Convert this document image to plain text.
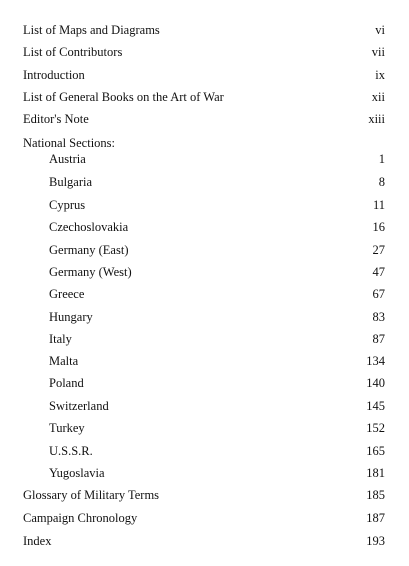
List of Maps and Diagrams	vi
List of Contributors	vii
Introduction	ix
List of General Books on the Art of War	xii
Editor's Note	xiii
National Sections:
Austria	1
Bulgaria	8
Cyprus	11
Czechoslovakia	16
Germany (East)	27
Germany (West)	47
Greece	67
Hungary	83
Italy	87
Malta	134
Poland	140
Switzerland	145
Turkey	152
U.S.S.R.	165
Yugoslavia	181
Glossary of Military Terms	185
Campaign Chronology	187
Index	193
